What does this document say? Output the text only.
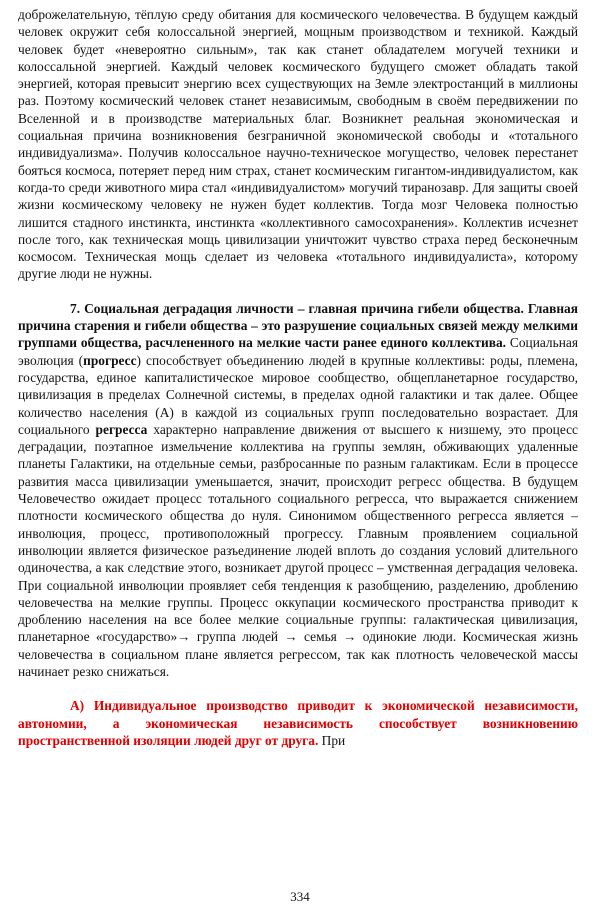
доброжелательную, тёплую среду обитания для космического человечества. В будущем каждый человек окружит себя колоссальной энергией, мощным производством и техникой. Каждый человек будет «невероятно сильным», так как станет обладателем могучей техники и колоссальной энергией. Каждый человек космического будущего сможет обладать такой энергией, которая превысит энергию всех существующих на Земле электростанций в миллионы раз. Поэтому космический человек станет независимым, свободным в своём передвижении по Вселенной и в производстве материальных благ. Возникнет реальная экономическая и социальная причина возникновения безграничной экономической свободы и «тотального индивидуализма». Получив колоссальное научно-техническое могущество, человек перестанет бояться космоса, потеряет перед ним страх, станет космическим гигантом-индивидуалистом, как когда-то среди животного мира стал «индивидуалистом» могучий тиранозавр. Для защиты своей жизни космическому человеку не нужен будет коллектив. Тогда мозг Человека полностью лишится стадного инстинкта, инстинкта «коллективного самосохранения». Коллектив исчезнет после того, как техническая мощь цивилизации уничтожит чувство страха перед бесконечным космосом. Техническая мощь сделает из человека «тотального индивидуалиста», которому другие люди не нужны.

7. Социальная деградация личности – главная причина гибели общества. Главная причина старения и гибели общества – это разрушение социальных связей между мелкими группами общества, расчлененного на мелкие части ранее единого коллектива. Социальная эволюция (прогресс) способствует объединению людей в крупные коллективы: роды, племена, государства, единое капиталистическое мировое сообщество, общепланетарное государство, цивилизация в пределах Солнечной системы, в пределах одной галактики и так далее. Общее количество населения (А) в каждой из социальных групп последовательно возрастает. Для социального регресса характерно направление движения от высшего к низшему, это процесс деградации, поэтапное измельчение коллектива на группы землян, обживающих удаленные планеты Галактики, на отдельные семьи, разбросанные по разным галактикам. Если в процессе развития масса цивилизации уменьшается, значит, происходит регресс общества. В будущем Человечество ожидает процесс тотального социального регресса, что выражается снижением плотности космического общества до нуля. Синонимом общественного регресса является – инволюция, процесс, противоположный прогрессу. Главным проявлением социальной инволюции является физическое разъединение людей вплоть до создания условий длительного одиночества, а как следствие этого, возникает другой процесс – умственная деградация человека. При социальной инволюции проявляет себя тенденция к разобщению, разделению, дроблению человечества на мелкие группы. Процесс оккупации космического пространства приводит к дроблению населения на все более мелкие социальные группы: галактическая цивилизация, планетарное «государство»→ группа людей → семья → одинокие люди. Космическая жизнь человечества в социальном плане является регрессом, так как плотность человеческой массы начинает резко снижаться.

А) Индивидуальное производство приводит к экономической независимости, автономии, а экономическая независимость способствует возникновению пространственной изоляции людей друг от друга. При

334
